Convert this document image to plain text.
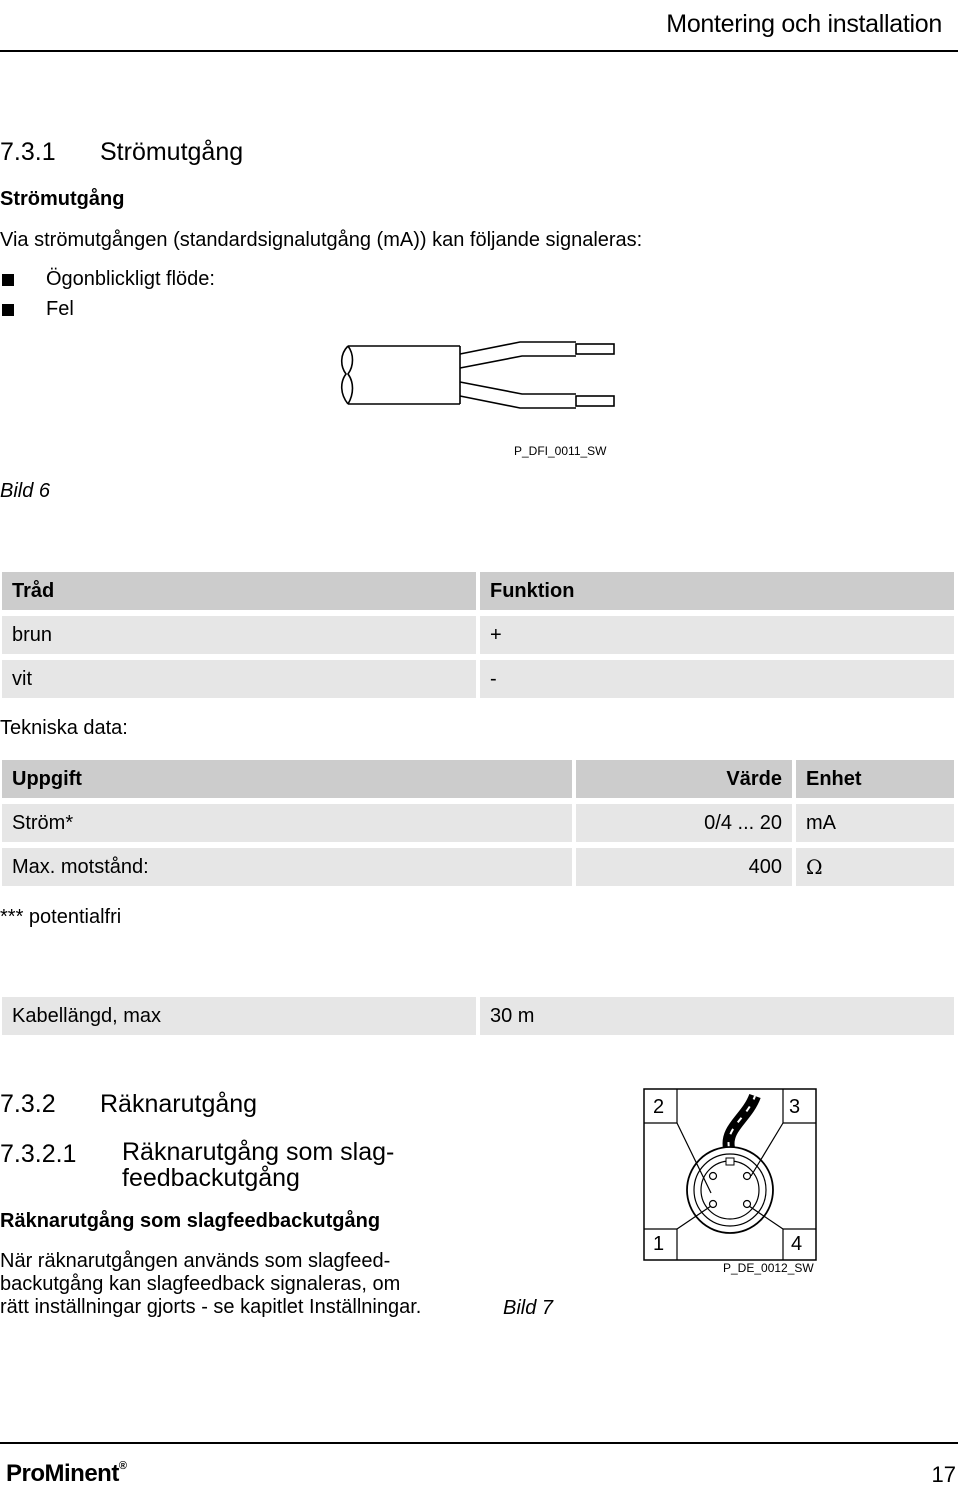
Montering och installation
7.3.1 Strömutgång
Strömutgång
Via strömutgången (standardsignalutgång (mA)) kan följande signaleras:
Ögonblickligt flöde:
Fel
P_DFI_0011_SW
Bild 6
Tråd	Funktion
brun	+
vit	-
Tekniska data:
Uppgift	Värde	Enhet
Ström*	0/4 ... 20	mA
Max. motstånd:	400	Ω
*** potentialfri
Kabellängd, max	30 m
7.3.2 Räknarutgång
7.3.2.1 Räknarutgång som slag-
feedbackutgång
Räknarutgång som slagfeedbackutgång
När räknarutgången används som slagfeed-
backutgång kan slagfeedback signaleras, om
rätt inställningar gjorts - se kapitlet Inställningar.	Bild 7
2	3
1	4
P_DE_0012_SW
ProMinent®	17
